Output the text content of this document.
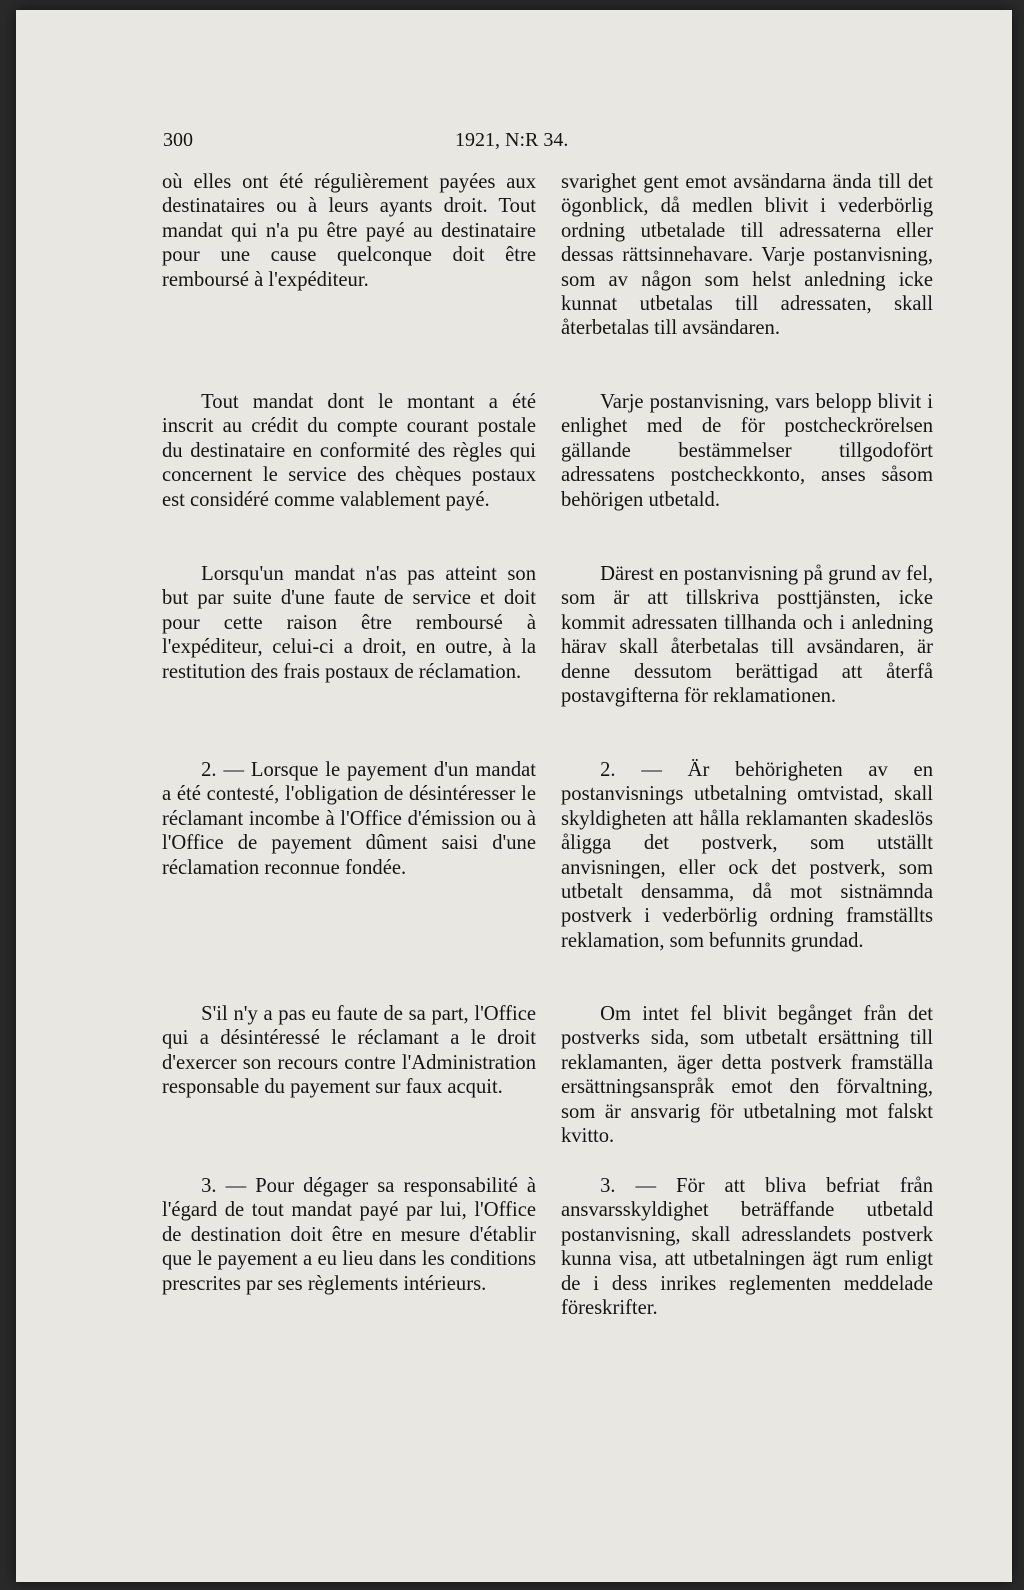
300	1921, N:R 34.

où elles ont été régulièrement payées aux destinataires ou à leurs ayants droit. Tout mandat qui n'a pu être payé au destinataire pour une cause quelconque doit être remboursé à l'expéditeur.

Tout mandat dont le montant a été inscrit au crédit du compte courant postale du destinataire en conformité des règles qui concernent le service des chèques postaux est considéré comme valablement payé.

Lorsqu'un mandat n'as pas atteint son but par suite d'une faute de service et doit pour cette raison être remboursé à l'expéditeur, celui-ci a droit, en outre, à la restitution des frais postaux de réclamation.

2. — Lorsque le payement d'un mandat a été contesté, l'obligation de désintéresser le réclamant incombe à l'Office d'émission ou à l'Office de payement dûment saisi d'une réclamation reconnue fondée.

S'il n'y a pas eu faute de sa part, l'Office qui a désintéressé le réclamant a le droit d'exercer son recours contre l'Administration responsable du payement sur faux acquit.

3. — Pour dégager sa responsabilité à l'égard de tout mandat payé par lui, l'Office de destination doit être en mesure d'établir que le payement a eu lieu dans les conditions prescrites par ses règlements intérieurs.

svarighet gent emot avsändarna ända till det ögonblick, då medlen blivit i vederbörlig ordning utbetalade till adressaterna eller dessas rättsinnehavare. Varje postanvisning, som av någon som helst anledning icke kunnat utbetalas till adressaten, skall återbetalas till avsändaren.

Varje postanvisning, vars belopp blivit i enlighet med de för postcheckrörelsen gällande bestämmelser tillgodofört adressatens postcheckkonto, anses såsom behörigen utbetald.

Därest en postanvisning på grund av fel, som är att tillskriva posttjänsten, icke kommit adressaten tillhanda och i anledning härav skall återbetalas till avsändaren, är denne dessutom berättigad att återfå postavgifterna för reklamationen.

2. — Är behörigheten av en postanvisnings utbetalning omtvistad, skall skyldigheten att hålla reklamanten skadeslös åligga det postverk, som utställt anvisningen, eller ock det postverk, som utbetalt densamma, då mot sistnämnda postverk i vederbörlig ordning framställts reklamation, som befunnits grundad.

Om intet fel blivit begånget från det postverks sida, som utbetalt ersättning till reklamanten, äger detta postverk framställa ersättningsanspråk emot den förvaltning, som är ansvarig för utbetalning mot falskt kvitto.

3. — För att bliva befriat från ansvarsskyldighet beträffande utbetald postanvisning, skall adresslandets postverk kunna visa, att utbetalningen ägt rum enligt de i dess inrikes reglementen meddelade föreskrifter.
